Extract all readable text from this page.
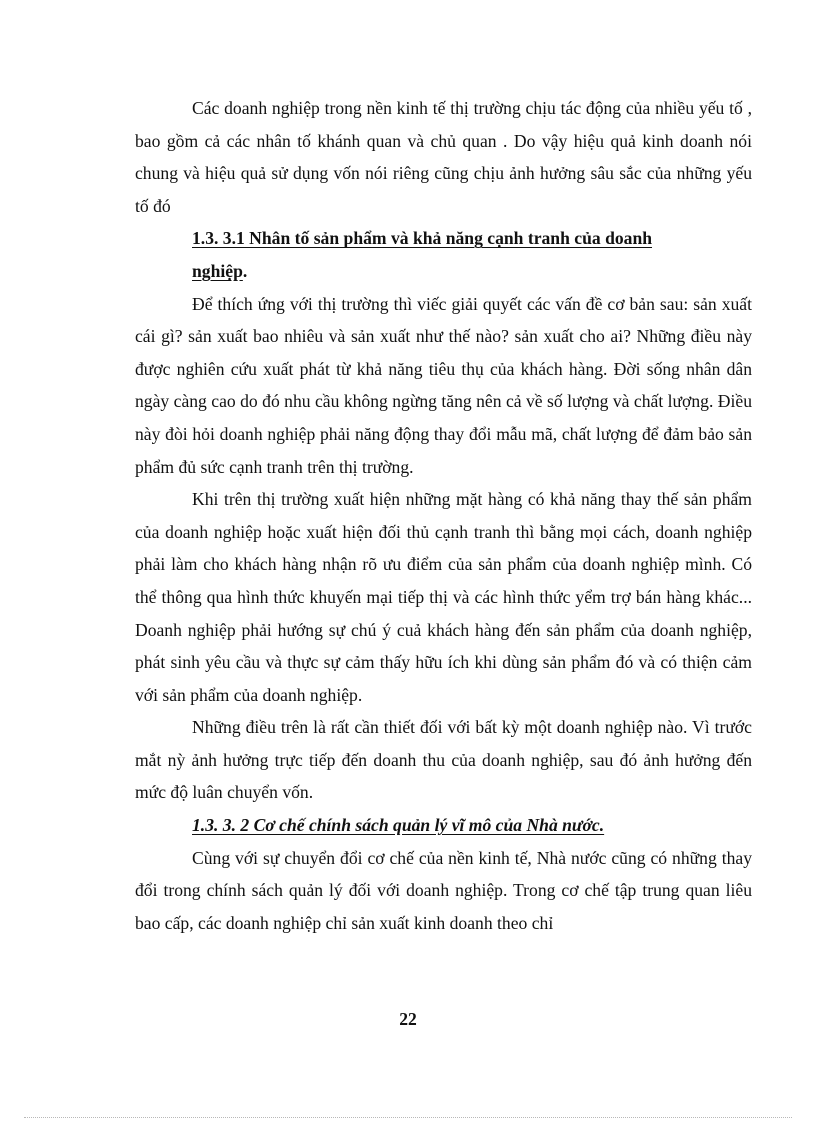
Các doanh nghiệp trong nền kinh tế thị trường chịu tác động của nhiều yếu tố , bao gồm cả các nhân tố khánh quan và chủ quan . Do vậy hiệu quả kinh doanh nói chung và hiệu quả sử dụng vốn nói riêng cũng chịu ảnh hưởng sâu sắc của những yếu tố đó

1.3. 3.1 Nhân tố sản phẩm và khả năng cạnh tranh của doanh

nghiệp.

Để thích ứng với thị trường thì viếc giải quyết các vấn đề cơ bản sau: sản xuất cái gì? sản xuất bao nhiêu và sản xuất như thế nào? sản xuất cho ai? Những điều này được nghiên cứu xuất phát từ khả năng tiêu thụ của khách hàng. Đời sống nhân dân ngày càng cao do đó nhu cầu không ngừng tăng nên cả về số lượng và chất lượng. Điều này đòi hỏi doanh nghiệp phải năng động thay đổi mẫu mã, chất lượng để đảm bảo sản phẩm đủ sức cạnh tranh trên thị trường.

Khi trên thị trường xuất hiện những mặt hàng có khả năng thay thế sản phẩm của doanh nghiệp hoặc xuất hiện đối thủ cạnh tranh thì bằng mọi cách, doanh nghiệp phải làm cho khách hàng nhận rõ ưu điểm của sản phẩm của doanh nghiệp mình. Có thể thông qua hình thức khuyến mại tiếp thị và các hình thức yểm trợ bán hàng khác... Doanh nghiệp phải hướng sự chú ý cuả khách hàng đến sản phẩm của doanh nghiệp, phát sinh yêu cầu và thực sự cảm thấy hữu ích khi dùng sản phẩm đó và có thiện cảm với sản phẩm của doanh nghiệp.

Những điều trên là rất cần thiết đối với bất kỳ một doanh nghiệp nào. Vì trước mắt nỳ ảnh hưởng trực tiếp đến doanh thu của doanh nghiệp, sau đó ảnh hưởng đến mức độ luân chuyển vốn.

1.3. 3. 2 Cơ chế chính sách quản lý vĩ mô của Nhà nước.

Cùng với sự chuyển đổi cơ chế của nền kinh tế, Nhà nước cũng có những thay đổi trong chính sách quản lý đối với doanh nghiệp. Trong cơ chế tập trung quan liêu bao cấp, các doanh nghiệp chỉ sản xuất kinh doanh theo chỉ

22
